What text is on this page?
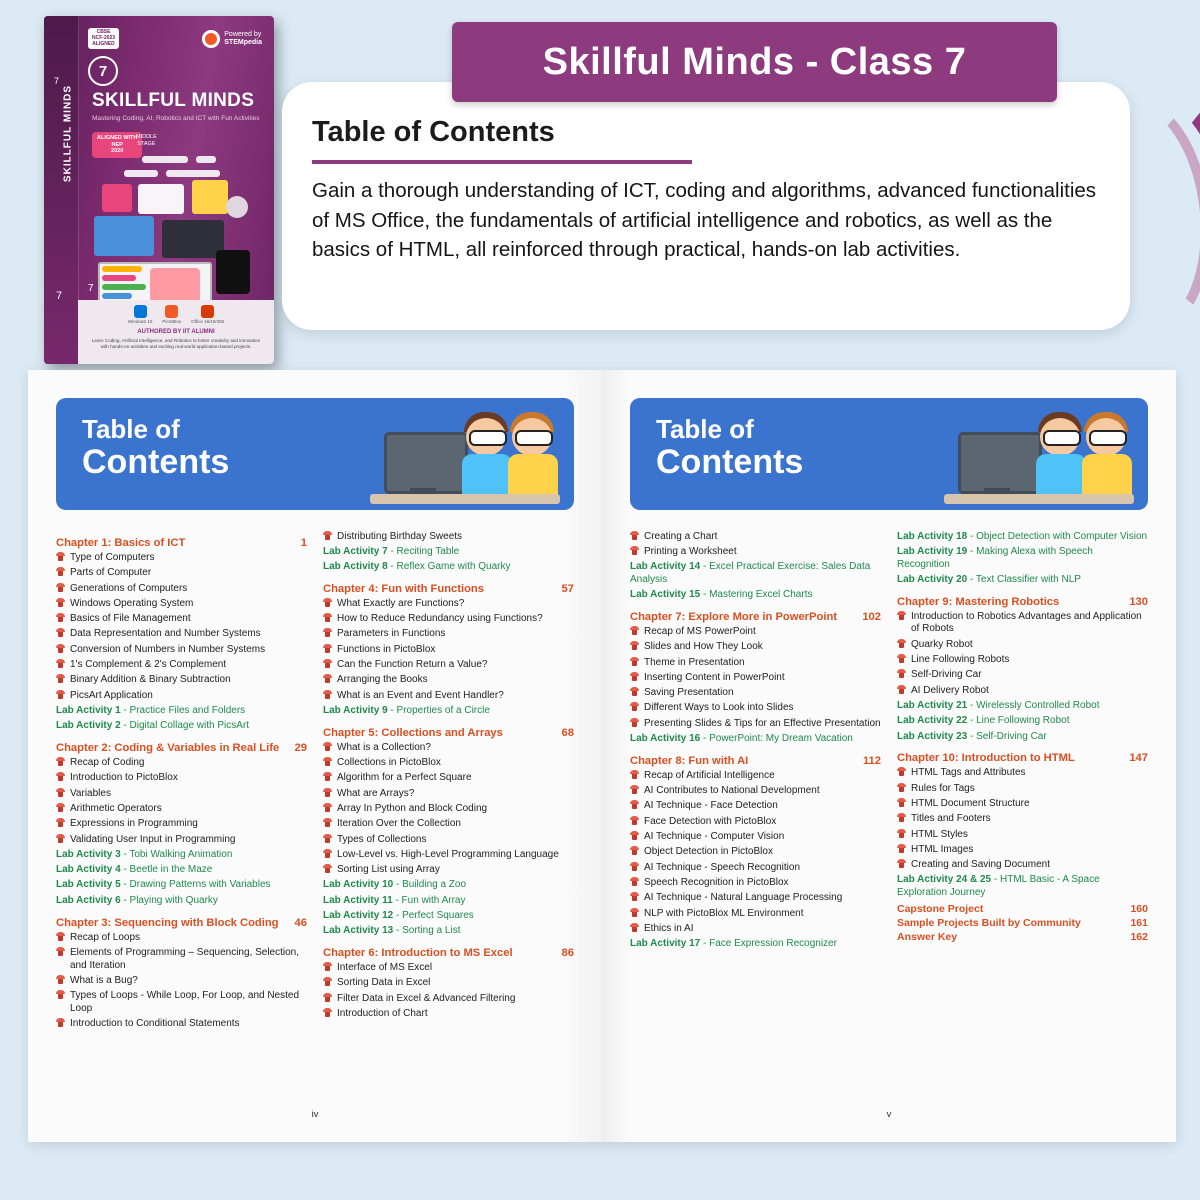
7
SKILLFUL MINDS
7
CBSE
NCF-2023
ALIGNED
7
Powered by
STEMpedia
SKILLFUL MINDS
Mastering Coding, AI, Robotics and ICT with Fun Activities
ALIGNED WITH
NEP
2020
MIDDLE
STAGE
7
Windows 10 PictoBlox Office 16/19/365
AUTHORED BY IIT ALUMNI
Learn Coding, Artificial Intelligence, and Robotics to foster creativity and innovation with hands-on activities and exciting real-world application-based projects.
Skillful Minds - Class 7
Table of Contents
Gain a thorough understanding of ICT, coding and algorithms, advanced functionalities of MS Office, the fundamentals of artificial intelligence and robotics, as well as the basics of HTML, all reinforced through practical, hands-on lab activities.
Table of
Contents
Chapter 1: Basics of ICT	1
Type of Computers
Parts of Computer
Generations of Computers
Windows Operating System
Basics of File Management
Data Representation and Number Systems
Conversion of Numbers in Number Systems
1's Complement & 2's Complement
Binary Addition & Binary Subtraction
PicsArt Application
Lab Activity 1 - Practice Files and Folders
Lab Activity 2 - Digital Collage with PicsArt
Chapter 2: Coding & Variables in Real Life 29
Recap of Coding
Introduction to PictoBlox
Variables
Arithmetic Operators
Expressions in Programming
Validating User Input in Programming
Lab Activity 3 - Tobi Walking Animation
Lab Activity 4 - Beetle in the Maze
Lab Activity 5 - Drawing Patterns with Variables
Lab Activity 6 - Playing with Quarky
Chapter 3: Sequencing with Block Coding 46
Recap of Loops
Elements of Programming – Sequencing, Selection, and Iteration
What is a Bug?
Types of Loops - While Loop, For Loop, and Nested Loop
Introduction to Conditional Statements
Distributing Birthday Sweets
Lab Activity 7 - Reciting Table
Lab Activity 8 - Reflex Game with Quarky
Chapter 4: Fun with Functions	57
What Exactly are Functions?
How to Reduce Redundancy using Functions?
Parameters in Functions
Functions in PictoBlox
Can the Function Return a Value?
Arranging the Books
What is an Event and Event Handler?
Lab Activity 9 - Properties of a Circle
Chapter 5: Collections and Arrays	68
What is a Collection?
Collections in PictoBlox
Algorithm for a Perfect Square
What are Arrays?
Array In Python and Block Coding
Iteration Over the Collection
Types of Collections
Low-Level vs. High-Level Programming Language
Sorting List using Array
Lab Activity 10 - Building a Zoo
Lab Activity 11 - Fun with Array
Lab Activity 12 - Perfect Squares
Lab Activity 13 - Sorting a List
Chapter 6: Introduction to MS Excel	86
Interface of MS Excel
Sorting Data in Excel
Filter Data in Excel & Advanced Filtering
Introduction of Chart
iv
Table of
Contents
Creating a Chart
Printing a Worksheet
Lab Activity 14 - Excel Practical Exercise: Sales Data Analysis
Lab Activity 15 - Mastering Excel Charts
Chapter 7: Explore More in PowerPoint 102
Recap of MS PowerPoint
Slides and How They Look
Theme in Presentation
Inserting Content in PowerPoint
Saving Presentation
Different Ways to Look into Slides
Presenting Slides & Tips for an Effective Presentation
Lab Activity 16 - PowerPoint: My Dream Vacation
Chapter 8: Fun with AI	112
Recap of Artificial Intelligence
AI Contributes to National Development
AI Technique - Face Detection
Face Detection with PictoBlox
AI Technique - Computer Vision
Object Detection in PictoBlox
AI Technique - Speech Recognition
Speech Recognition in PictoBlox
AI Technique - Natural Language Processing
NLP with PictoBlox ML Environment
Ethics in AI
Lab Activity 17 - Face Expression Recognizer
Lab Activity 18 - Object Detection with Computer Vision
Lab Activity 19 - Making Alexa with Speech Recognition
Lab Activity 20 - Text Classifier with NLP
Chapter 9: Mastering Robotics	130
Introduction to Robotics Advantages and Application of Robots
Quarky Robot
Line Following Robots
Self-Driving Car
AI Delivery Robot
Lab Activity 21 - Wirelessly Controlled Robot
Lab Activity 22 - Line Following Robot
Lab Activity 23 - Self-Driving Car
Chapter 10: Introduction to HTML	147
HTML Tags and Attributes
Rules for Tags
HTML Document Structure
Titles and Footers
HTML Styles
HTML Images
Creating and Saving Document
Lab Activity 24 & 25 - HTML Basic - A Space Exploration Journey
Capstone Project	160
Sample Projects Built by Community	161
Answer Key	162
v
